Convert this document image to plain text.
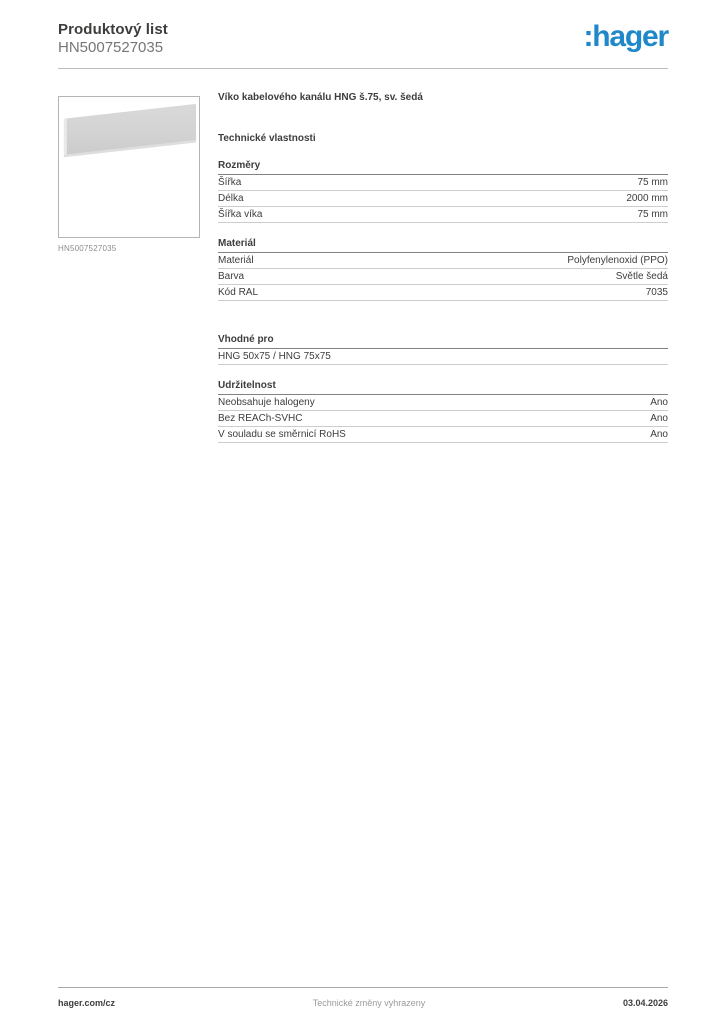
Produktový list
HN5007527035	:hager
HN5007527035
Víko kabelového kanálu HNG š.75, sv. šedá
Technické vlastnosti
Rozměry
Šířka	75 mm
Délka	2000 mm
Šířka víka	75 mm
Materiál
Materiál	Polyfenylenoxid (PPO)
Barva	Světle šedá
Kód RAL	7035
Vhodné pro
HNG 50x75 / HNG 75x75
Udržitelnost
Neobsahuje halogeny	Ano
Bez REACh-SVHC	Ano
V souladu se směrnicí RoHS	Ano
hager.com/cz	Technické změny vyhrazeny	03.04.2026
